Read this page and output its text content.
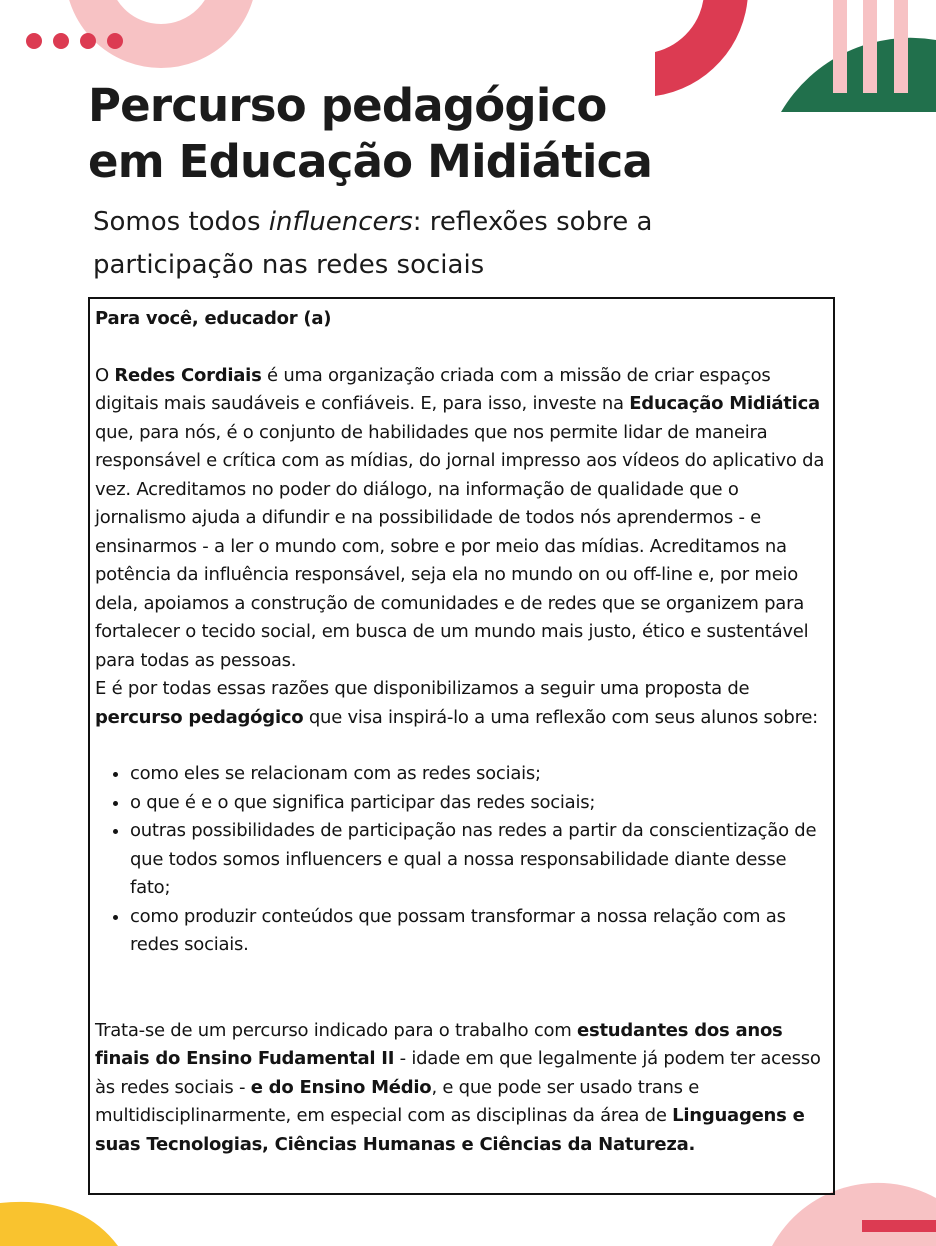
Percurso pedagógico
em Educação Midiática

Somos todos influencers: reflexões sobre a participação nas redes sociais

Para você, educador (a)

O Redes Cordiais é uma organização criada com a missão de criar espaços digitais mais saudáveis e confiáveis. E, para isso, investe na Educação Midiática que, para nós, é o conjunto de habilidades que nos permite lidar de maneira responsável e crítica com as mídias, do jornal impresso aos vídeos do aplicativo da vez. Acreditamos no poder do diálogo, na informação de qualidade que o jornalismo ajuda a difundir e na possibilidade de todos nós aprendermos - e ensinarmos - a ler o mundo com, sobre e por meio das mídias. Acreditamos na potência da influência responsável, seja ela no mundo on ou off-line e, por meio dela, apoiamos a construção de comunidades e de redes que se organizem para fortalecer o tecido social, em busca de um mundo mais justo, ético e sustentável para todas as pessoas.

E é por todas essas razões que disponibilizamos a seguir uma proposta de percurso pedagógico que visa inspirá-lo a uma reflexão com seus alunos sobre:

• como eles se relacionam com as redes sociais;
• o que é e o que significa participar das redes sociais;
• outras possibilidades de participação nas redes a partir da conscientização de que todos somos influencers e qual a nossa responsabilidade diante desse fato;
• como produzir conteúdos que possam transformar a nossa relação com as redes sociais.

Trata-se de um percurso indicado para o trabalho com estudantes dos anos finais do Ensino Fudamental II - idade em que legalmente já podem ter acesso às redes sociais - e do Ensino Médio, e que pode ser usado trans e multidisciplinarmente, em especial com as disciplinas da área de Linguagens e suas Tecnologias, Ciências Humanas e Ciências da Natureza.
